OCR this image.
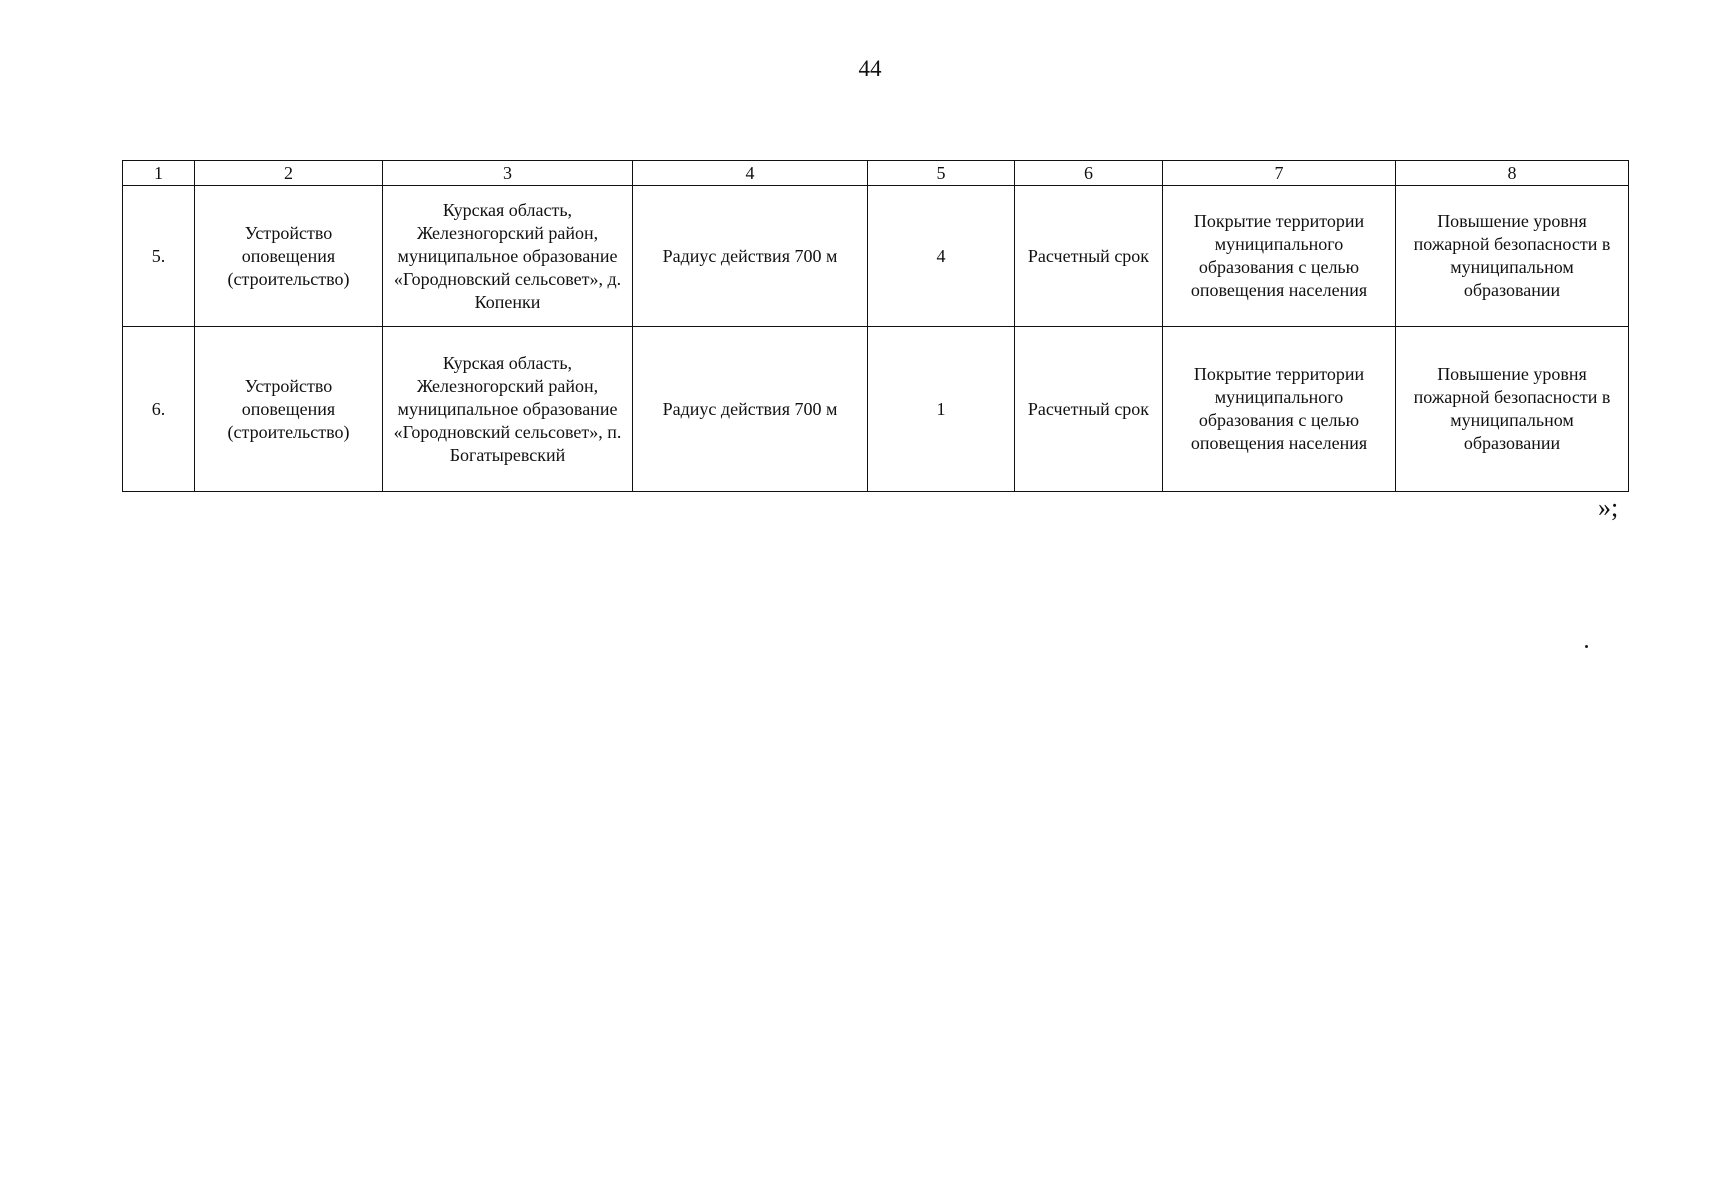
44
1	2	3	4	5	6	7	8
5.	Устройство оповещения (строительство)	Курская область, Железногорский район, муниципальное образование «Городновский сельсовет», д. Копенки	Радиус действия 700 м	4	Расчетный срок	Покрытие территории муниципального образования с целью оповещения населения	Повышение уровня пожарной безопасности в муниципальном образовании
6.	Устройство оповещения (строительство)	Курская область, Железногорский район, муниципальное образование «Городновский сельсовет», п. Богатыревский	Радиус действия 700 м	1	Расчетный срок	Покрытие территории муниципального образования с целью оповещения населения	Повышение уровня пожарной безопасности в муниципальном образовании
»;
